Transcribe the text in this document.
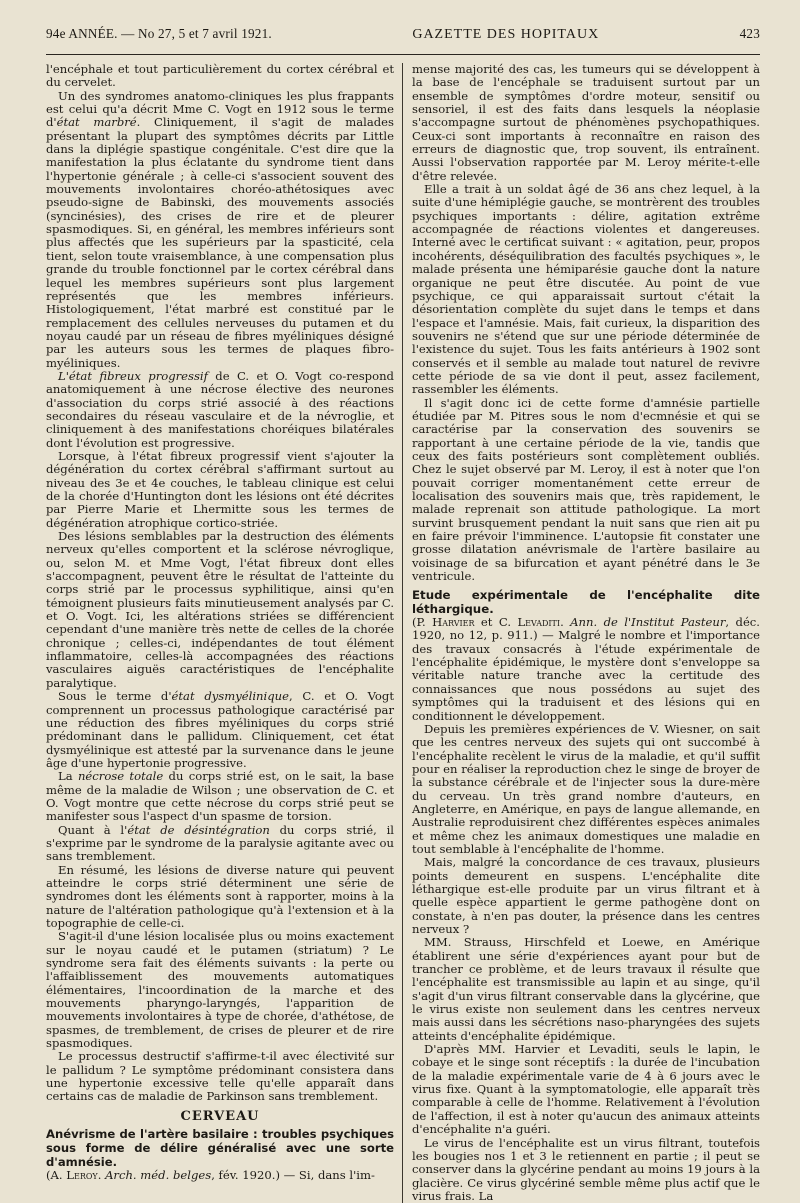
94e ANNÉE. — No 27, 5 et 7 avril 1921.	GAZETTE DES HOPITAUX	423

l'encéphale et tout particulièrement du cortex cérébral et du cervelet.

Un des syndromes anatomo-cliniques les plus frappants est celui qu'a décrit Mme C. Vogt en 1912 sous le terme d'état marbré. Cliniquement, il s'agit de malades présentant la plupart des symptômes décrits par Little dans la diplégie spastique congénitale. C'est dire que la manifestation la plus éclatante du syndrome tient dans l'hypertonie générale ; à celle-ci s'associent souvent des mouvements involontaires choréo-athétosiques avec pseudo-signe de Babinski, des mouvements associés (syncinésies), des crises de rire et de pleurer spasmodiques. Si, en général, les membres inférieurs sont plus affectés que les supérieurs par la spasticité, cela tient, selon toute vraisemblance, à une compensation plus grande du trouble fonctionnel par le cortex cérébral dans lequel les membres supérieurs sont plus largement représentés que les membres inférieurs. Histologiquement, l'état marbré est constitué par le remplacement des cellules nerveuses du putamen et du noyau caudé par un réseau de fibres myéliniques désigné par les auteurs sous les termes de plaques fibro-myéliniques.

L'état fibreux progressif de C. et O. Vogt co-respond anatomiquement à une nécrose élective des neurones d'association du corps strié associé à des réactions secondaires du réseau vasculaire et de la névroglie, et cliniquement à des manifestations choréiques bilatérales dont l'évolution est progressive.

Lorsque, à l'état fibreux progressif vient s'ajouter la dégénération du cortex cérébral s'affirmant surtout au niveau des 3e et 4e couches, le tableau clinique est celui de la chorée d'Huntington dont les lésions ont été décrites par Pierre Marie et Lhermitte sous les termes de dégénération atrophique cortico-striée.

Des lésions semblables par la destruction des éléments nerveux qu'elles comportent et la sclérose névroglique, ou, selon M. et Mme Vogt, l'état fibreux dont elles s'accompagnent, peuvent être le résultat de l'atteinte du corps strié par le processus syphilitique, ainsi qu'en témoignent plusieurs faits minutieusement analysés par C. et O. Vogt. Ici, les altérations striées se différencient cependant d'une manière très nette de celles de la chorée chronique ; celles-ci, indépendantes de tout élément inflammatoire, celles-là accompagnées des réactions vasculaires aiguës caractéristiques de l'encéphalite paralytique.

Sous le terme d'état dysmyélinique, C. et O. Vogt comprennent un processus pathologique caractérisé par une réduction des fibres myéliniques du corps strié prédominant dans le pallidum. Cliniquement, cet état dysmyélinique est attesté par la survenance dans le jeune âge d'une hypertonie progressive.

La nécrose totale du corps strié est, on le sait, la base même de la maladie de Wilson ; une observation de C. et O. Vogt montre que cette nécrose du corps strié peut se manifester sous l'aspect d'un spasme de torsion.

Quant à l'état de désintégration du corps strié, il s'exprime par le syndrome de la paralysie agitante avec ou sans tremblement.

En résumé, les lésions de diverse nature qui peuvent atteindre le corps strié déterminent une série de syndromes dont les éléments sont à rapporter, moins à la nature de l'altération pathologique qu'à l'extension et à la topographie de celle-ci.

S'agit-il d'une lésion localisée plus ou moins exactement sur le noyau caudé et le putamen (striatum) ? Le syndrome sera fait des éléments suivants : la perte ou l'affaiblissement des mouvements automatiques élémentaires, l'incoordination de la marche et des mouvements pharyngo-laryngés, l'apparition de mouvements involontaires à type de chorée, d'athétose, de spasmes, de tremblement, de crises de pleurer et de rire spasmodiques.

Le processus destructif s'affirme-t-il avec électivité sur le pallidum ? Le symptôme prédominant consistera dans une hypertonie excessive telle qu'elle apparaît dans certains cas de maladie de Parkinson sans tremblement.

CERVEAU

Anévrisme de l'artère basilaire : troubles psychiques sous forme de délire généralisé avec une sorte d'amnésie.

(A. Leroy. Arch. méd. belges, fév. 1920.) — Si, dans l'im-

mense majorité des cas, les tumeurs qui se développent à la base de l'encéphale se traduisent surtout par un ensemble de symptômes d'ordre moteur, sensitif ou sensoriel, il est des faits dans lesquels la néoplasie s'accompagne surtout de phénomènes psychopathiques. Ceux-ci sont importants à reconnaître en raison des erreurs de diagnostic que, trop souvent, ils entraînent. Aussi l'observation rapportée par M. Leroy mérite-t-elle d'être relevée.

Elle a trait à un soldat âgé de 36 ans chez lequel, à la suite d'une hémiplégie gauche, se montrèrent des troubles psychiques importants : délire, agitation extrême accompagnée de réactions violentes et dangereuses. Interné avec le certificat suivant : « agitation, peur, propos incohérents, déséquilibration des facultés psychiques », le malade présenta une hémiparésie gauche dont la nature organique ne peut être discutée. Au point de vue psychique, ce qui apparaissait surtout c'était la désorientation complète du sujet dans le temps et dans l'espace et l'amnésie. Mais, fait curieux, la disparition des souvenirs ne s'étend que sur une période déterminée de l'existence du sujet. Tous les faits antérieurs à 1902 sont conservés et il semble au malade tout naturel de revivre cette période de sa vie dont il peut, assez facilement, rassembler les éléments.

Il s'agit donc ici de cette forme d'amnésie partielle étudiée par M. Pitres sous le nom d'ecmnésie et qui se caractérise par la conservation des souvenirs se rapportant à une certaine période de la vie, tandis que ceux des faits postérieurs sont complètement oubliés. Chez le sujet observé par M. Leroy, il est à noter que l'on pouvait corriger momentanément cette erreur de localisation des souvenirs mais que, très rapidement, le malade reprenait son attitude pathologique. La mort survint brusquement pendant la nuit sans que rien ait pu en faire prévoir l'imminence. L'autopsie fit constater une grosse dilatation anévrismale de l'artère basilaire au voisinage de sa bifurcation et ayant pénétré dans le 3e ventricule.

Etude expérimentale de l'encéphalite dite léthargique.
(P. Harvier et C. Levaditi. Ann. de l'Institut Pasteur, déc. 1920, no 12, p. 911.) — Malgré le nombre et l'importance des travaux consacrés à l'étude expérimentale de l'encéphalite épidémique, le mystère dont s'enveloppe sa véritable nature tranche avec la certitude des connaissances que nous possédons au sujet des symptômes qui la traduisent et des lésions qui en conditionnent le développement.

Depuis les premières expériences de V. Wiesner, on sait que les centres nerveux des sujets qui ont succombé à l'encéphalite recèlent le virus de la maladie, et qu'il suffit pour en réaliser la reproduction chez le singe de broyer de la substance cérébrale et de l'injecter sous la dure-mère du cerveau. Un très grand nombre d'auteurs, en Angleterre, en Amérique, en pays de langue allemande, en Australie reproduisirent chez différentes espèces animales et même chez les animaux domestiques une maladie en tout semblable à l'encéphalite de l'homme.

Mais, malgré la concordance de ces travaux, plusieurs points demeurent en suspens. L'encéphalite dite léthargique est-elle produite par un virus filtrant et à quelle espèce appartient le germe pathogène dont on constate, à n'en pas douter, la présence dans les centres nerveux ?

MM. Strauss, Hirschfeld et Loewe, en Amérique établirent une série d'expériences ayant pour but de trancher ce problème, et de leurs travaux il résulte que l'encéphalite est transmissible au lapin et au singe, qu'il s'agit d'un virus filtrant conservable dans la glycérine, que le virus existe non seulement dans les centres nerveux mais aussi dans les sécrétions naso-pharyngées des sujets atteints d'encéphalite épidémique.

D'après MM. Harvier et Levaditi, seuls le lapin, le cobaye et le singe sont réceptifs : la durée de l'incubation de la maladie expérimentale varie de 4 à 6 jours avec le virus fixe. Quant à la symptomatologie, elle apparaît très comparable à celle de l'homme. Relativement à l'évolution de l'affection, il est à noter qu'aucun des animaux atteints d'encéphalite n'a guéri.

Le virus de l'encéphalite est un virus filtrant, toutefois les bougies nos 1 et 3 le retiennent en partie ; il peut se conserver dans la glycérine pendant au moins 19 jours à la glacière. Ce virus glycériné semble même plus actif que le virus frais. La
